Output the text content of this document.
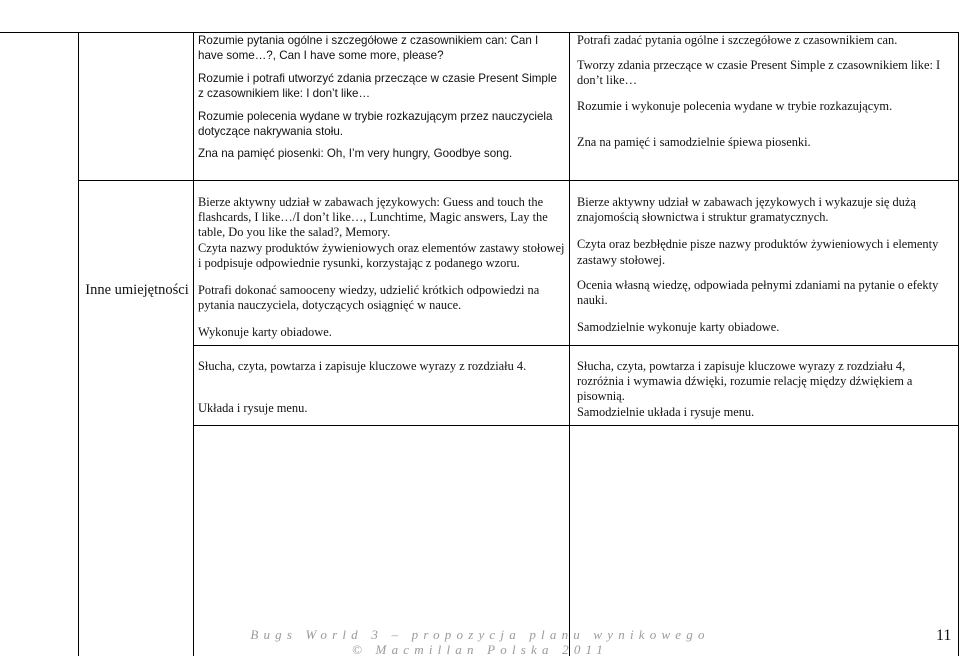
Rozumie pytania ogólne i szczegółowe z czasownikiem can: Can I have some…?, Can I have some more, please?

Rozumie i potrafi utworzyć zdania przeczące w czasie Present Simple z czasownikiem like: I don’t like…

Rozumie polecenia wydane w trybie rozkazującym przez nauczyciela dotyczące nakrywania stołu.

Zna na pamięć piosenki: Oh, I’m very hungry, Goodbye song.

Potrafi zadać pytania ogólne i szczegółowe z czasownikiem can.

Tworzy zdania przeczące w czasie Present Simple z czasownikiem like: I don’t like…

Rozumie i wykonuje polecenia wydane w trybie rozkazującym.

Zna na pamięć i samodzielnie śpiewa piosenki.

Inne umiejętności

Bierze aktywny udział w zabawach językowych: Guess and touch the flashcards, I like…/I don’t like…, Lunchtime, Magic answers, Lay the table, Do you like the salad?, Memory.

Czyta nazwy produktów żywieniowych oraz elementów zastawy stołowej i podpisuje odpowiednie rysunki, korzystając z podanego wzoru.

Potrafi dokonać samooceny wiedzy, udzielić krótkich odpowiedzi na pytania nauczyciela, dotyczących osiągnięć w nauce.

Wykonuje karty obiadowe.

Bierze aktywny udział w zabawach językowych i wykazuje się dużą znajomością słownictwa i struktur gramatycznych.

Czyta oraz bezbłędnie pisze nazwy produktów żywieniowych i elementy zastawy stołowej.

Ocenia własną wiedzę, odpowiada pełnymi zdaniami na pytanie o efekty nauki.

Samodzielnie wykonuje karty obiadowe.

Słucha, czyta, powtarza i zapisuje kluczowe wyrazy z rozdziału 4.

Układa i rysuje menu.

Słucha, czyta, powtarza i zapisuje kluczowe wyrazy z rozdziału 4, rozróżnia i wymawia dźwięki, rozumie relację między dźwiękiem a pisownią.

Samodzielnie układa i rysuje menu.

Bugs World 3 – propozycja planu wynikowego
© Macmillan Polska 2011
11
